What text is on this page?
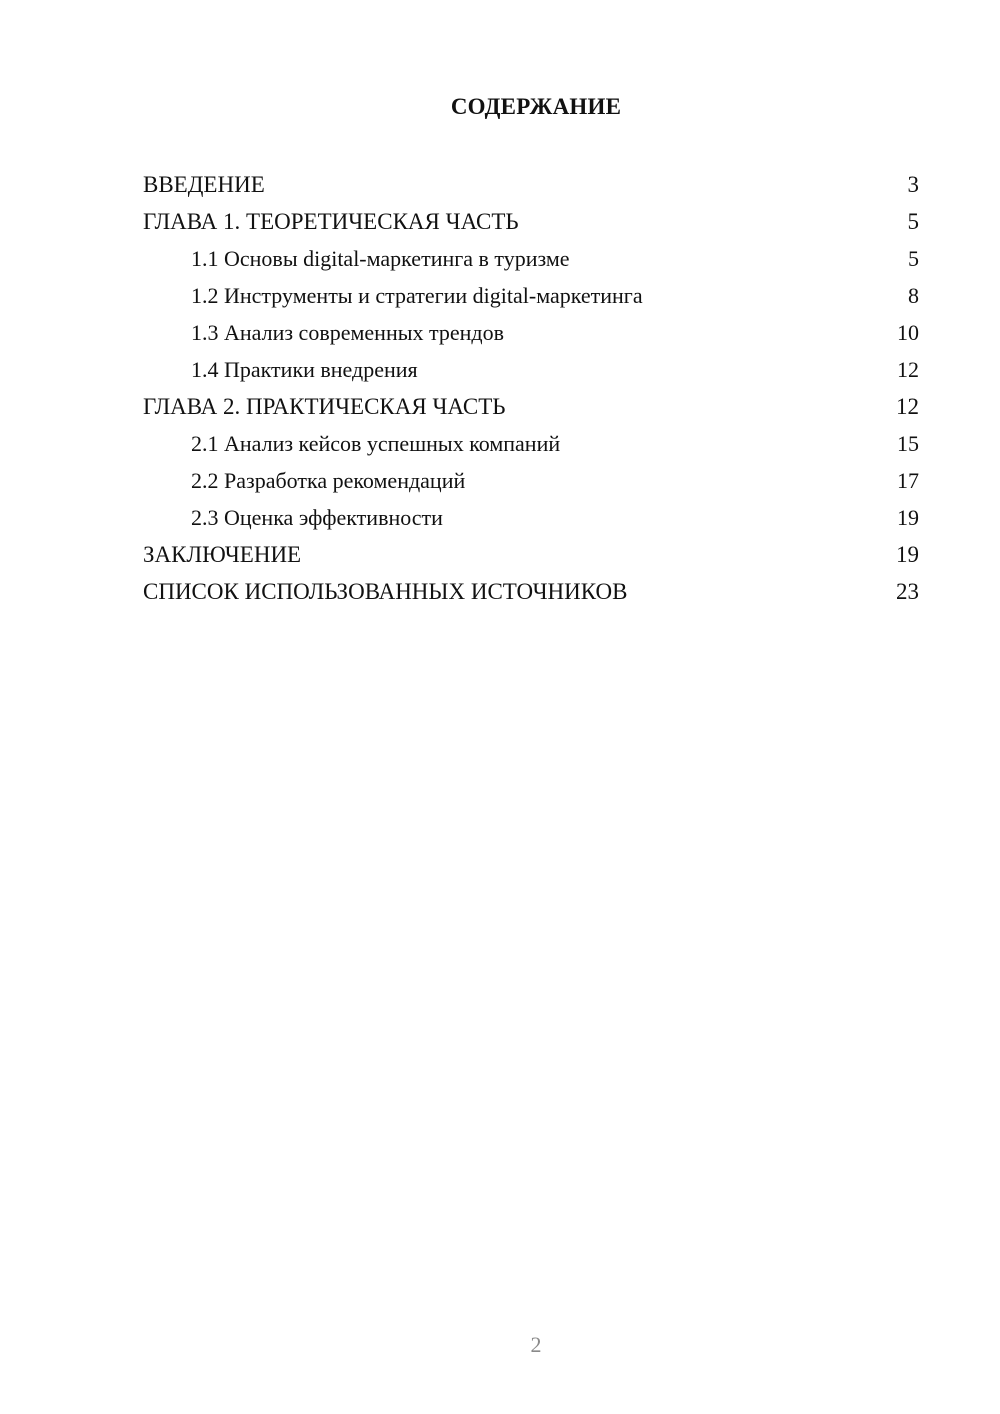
СОДЕРЖАНИЕ
ВВЕДЕНИЕ	3
ГЛАВА 1. ТЕОРЕТИЧЕСКАЯ ЧАСТЬ	5
1.1 Основы digital-маркетинга в туризме	5
1.2 Инструменты и стратегии digital-маркетинга	8
1.3 Анализ современных трендов	10
1.4 Практики внедрения	12
ГЛАВА 2. ПРАКТИЧЕСКАЯ ЧАСТЬ	12
2.1 Анализ кейсов успешных компаний	15
2.2 Разработка рекомендаций	17
2.3 Оценка эффективности	19
ЗАКЛЮЧЕНИЕ	19
СПИСОК ИСПОЛЬЗОВАННЫХ ИСТОЧНИКОВ	23
2
